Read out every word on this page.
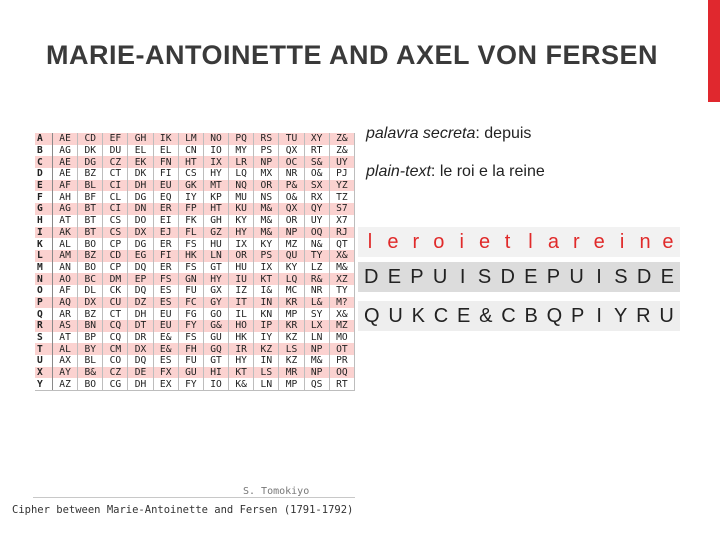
MARIE-ANTOINETTE AND AXEL VON FERSEN
A	AE	CD	EF	GH	IK	LM	NO	PQ	RS	TU	XY	Z&
B	AG	DK	DU	EL	EL	CN	IO	MY	PS	QX	RT	Z&
C	AE	DG	CZ	EK	FN	HT	IX	LR	NP	OC	S&	UY
D	AE	BZ	CT	DK	FI	CS	HY	LQ	MX	NR	O&	PJ
E	AF	BL	CI	DH	EU	GK	MT	NQ	OR	P&	SX	YZ
F	AH	BF	CL	DG	EQ	IY	KP	MU	NS	O&	RX	TZ
G	AG	BT	CI	DN	ER	FP	HT	KU	M&	QX	QY	S7
H	AT	BT	CS	DO	EI	FK	GH	KY	M&	OR	UY	X7
I	AK	BT	CS	DX	EJ	FL	GZ	HY	M&	NP	OQ	RJ
K	AL	BO	CP	DG	ER	FS	HU	IX	KY	MZ	N&	QT
L	AM	BZ	CD	EG	FI	HK	LN	OR	PS	QU	TY	X&
M	AN	BO	CP	DQ	ER	FS	GT	HU	IX	KY	LZ	M&
N	AO	BC	DM	EP	FS	GN	HY	IU	KT	LQ	R&	XZ
O	AF	DL	CK	DQ	ES	FU	GX	IZ	I&	MC	NR	TY
P	AQ	DX	CU	DZ	ES	FC	GY	IT	IN	KR	L&	M?
Q	AR	BZ	CT	DH	EU	FG	GO	IL	KN	MP	SY	X&
R	AS	BN	CQ	DT	EU	FY	G&	HO	IP	KR	LX	MZ
S	AT	BP	CQ	DR	E&	FS	GU	HK	IY	KZ	LN	MO
T	AL	BY	CM	DX	E&	FH	GQ	IR	KZ	LS	NP	OT
U	AX	BL	CO	DQ	ES	FU	GT	HY	IN	KZ	M&	PR
X	AY	B&	CZ	DE	FX	GU	HI	KT	LS	MR	NP	OQ
Y	AZ	BO	CG	DH	EX	FY	IO	K&	LN	MP	QS	RT
S. Tomokiyo
Cipher between Marie-Antoinette and Fersen (1791-1792)
palavra secreta: depuis
plain-text: le roi e la reine
l e r o i e t l a r e i n e
D E P U I S D E P U I S D E
Q U K C E & C B Q P I Y R U
